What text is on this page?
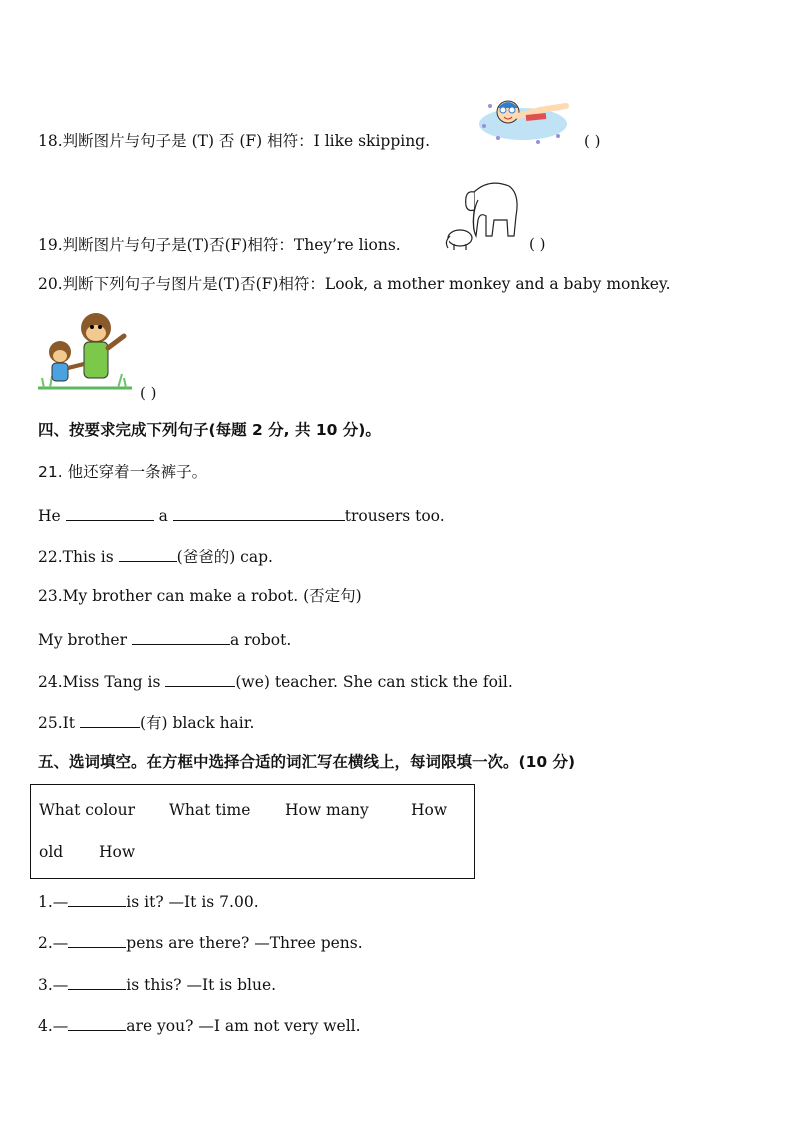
18.判断图片与句子是 (T) 否 (F) 相符：I like skipping.	( )
19.判断图片与句子是(T)否(F)相符：They’re lions.	( )
20.判断下列句子与图片是(T)否(F)相符：Look, a mother monkey and a baby monkey.
( )
四、按要求完成下列句子(每题 2 分, 共 10 分)。
21. 他还穿着一条裤子。
He	a	trousers too.
22.This is	(爸爸的) cap.
23.My brother can make a robot. (否定句)
My brother	a robot.
24.Miss Tang is	(we) teacher. She can stick the foil.
25.It	(有) black hair.
五、选词填空。在方框中选择合适的词汇写在横线上，每词限填一次。(10 分)
What colour What time How many	How
old How
1.—	is it? —It is 7.00.
2.—	pens are there? —Three pens.
3.—	is this? —It is blue.
4.—	are you? —I am not very well.
